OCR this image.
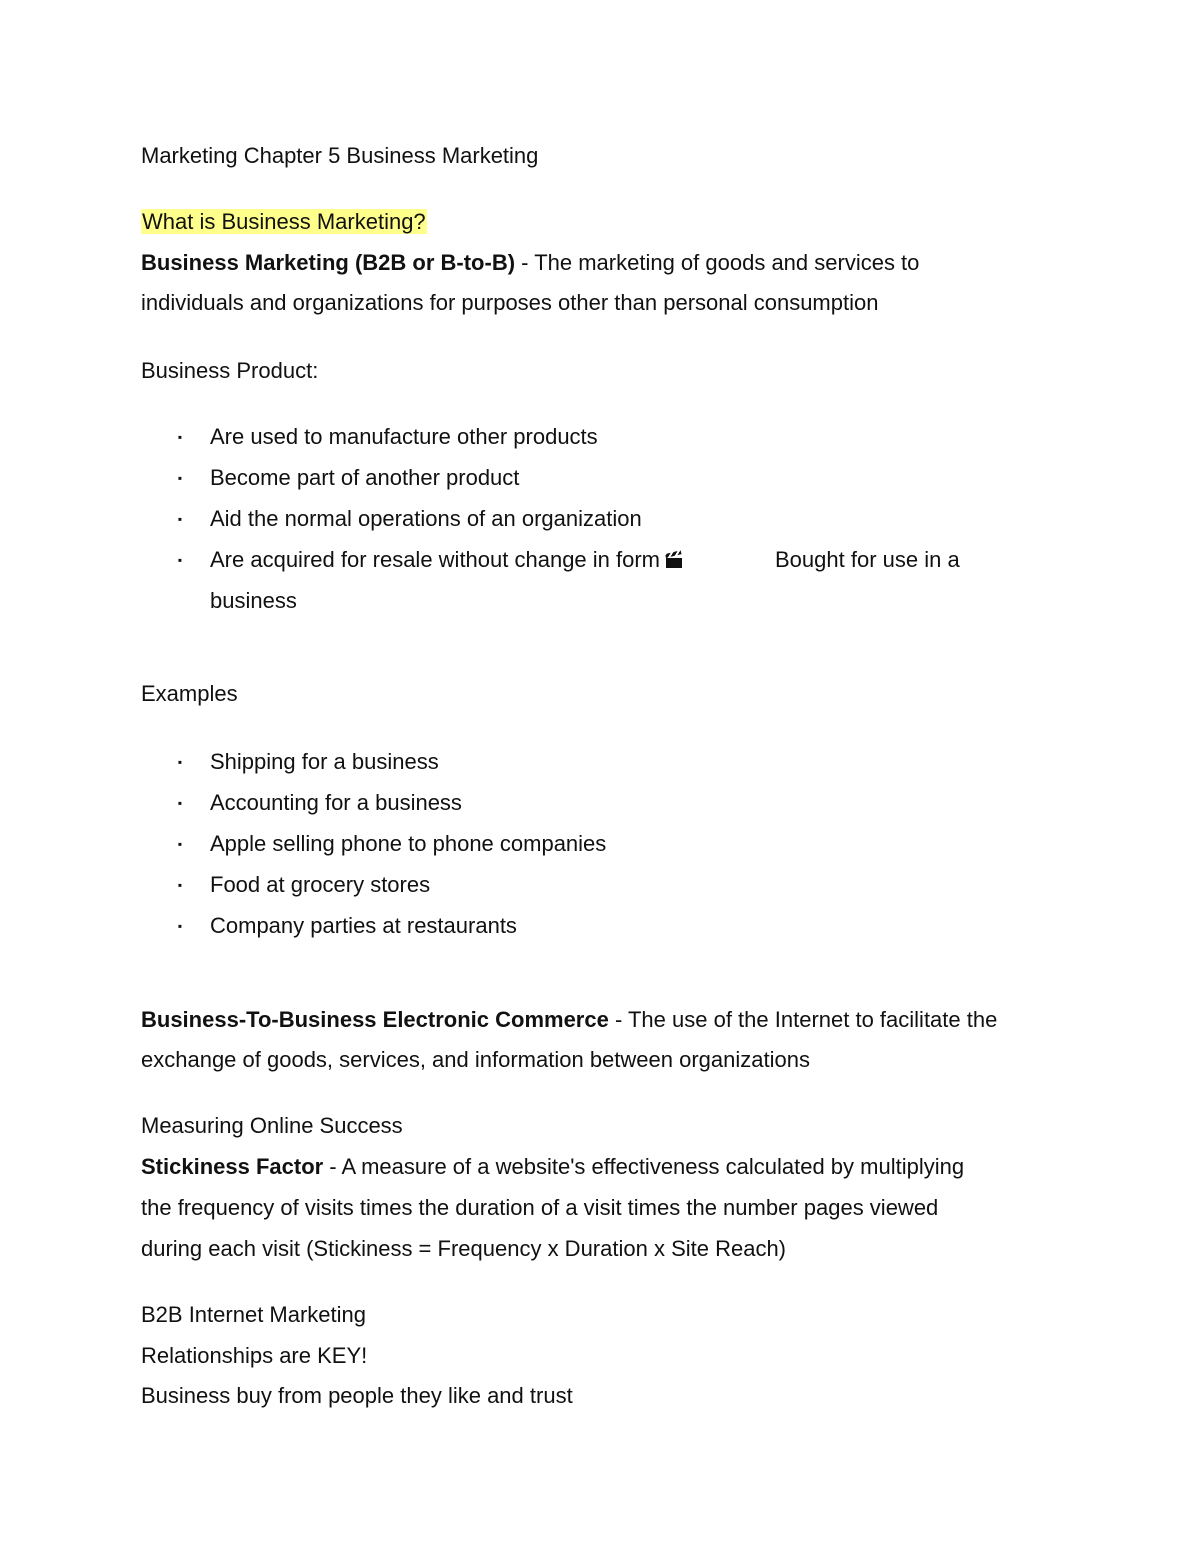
Marketing Chapter 5 Business Marketing
What is Business Marketing?
Business Marketing (B2B or B-to-B) - The marketing of goods and services to
individuals and organizations for purposes other than personal consumption
Business Product:
▪ Are used to manufacture other products
▪ Become part of another product
▪ Aid the normal operations of an organization
▪ Are acquired for resale without change in form	Bought for use in a
business
Examples
▪ Shipping for a business
▪ Accounting for a business
▪ Apple selling phone to phone companies
▪ Food at grocery stores
▪ Company parties at restaurants
Business-To-Business Electronic Commerce - The use of the Internet to facilitate the
exchange of goods, services, and information between organizations
Measuring Online Success
Stickiness Factor - A measure of a website's effectiveness calculated by multiplying
the frequency of visits times the duration of a visit times the number pages viewed
during each visit (Stickiness = Frequency x Duration x Site Reach)
B2B Internet Marketing
Relationships are KEY!
Business buy from people they like and trust
